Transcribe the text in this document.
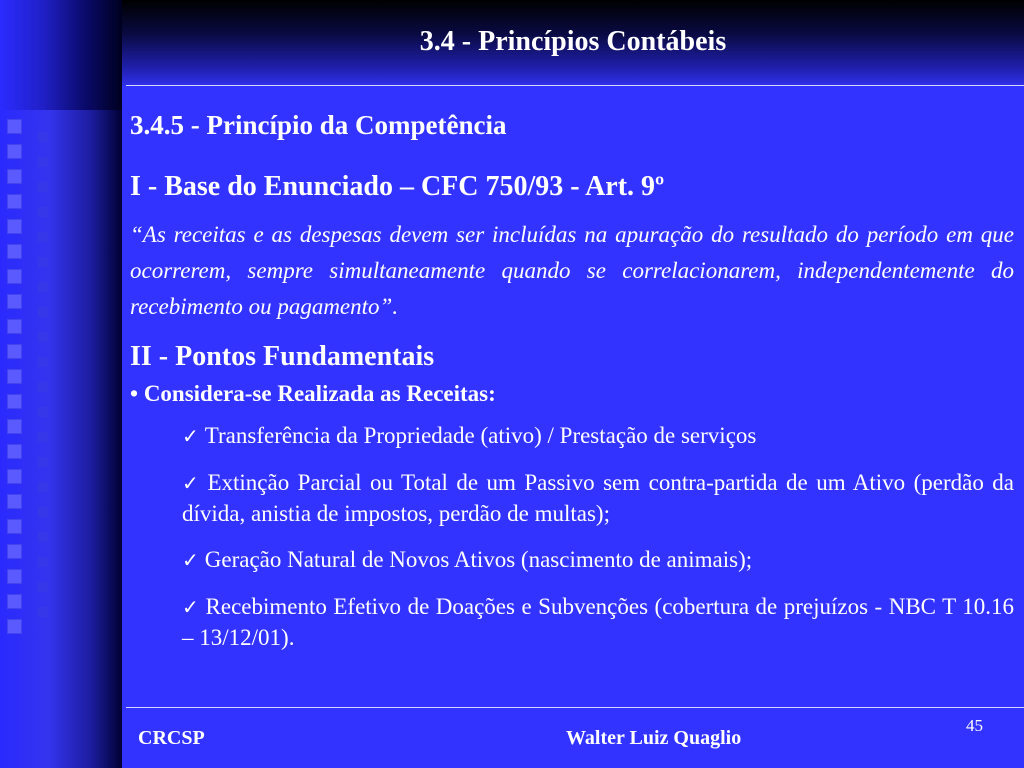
3.4 - Princípios Contábeis

3.4.5 - Princípio da Competência

I - Base do Enunciado – CFC 750/93 - Art. 9º

“As receitas e as despesas devem ser incluídas na apuração do resultado do período em que ocorrerem, sempre simultaneamente quando se correlacionarem, independentemente do recebimento ou pagamento”.

II - Pontos Fundamentais

• Considera-se Realizada as Receitas:

✓ Transferência da Propriedade (ativo) / Prestação de serviços
✓ Extinção Parcial ou Total de um Passivo sem contra-partida de um Ativo (perdão da dívida, anistia de impostos, perdão de multas);
✓ Geração Natural de Novos Ativos (nascimento de animais);
✓ Recebimento Efetivo de Doações e Subvenções (cobertura de prejuízos - NBC T 10.16 – 13/12/01).
CRCSP	Walter Luiz Quaglio
45
